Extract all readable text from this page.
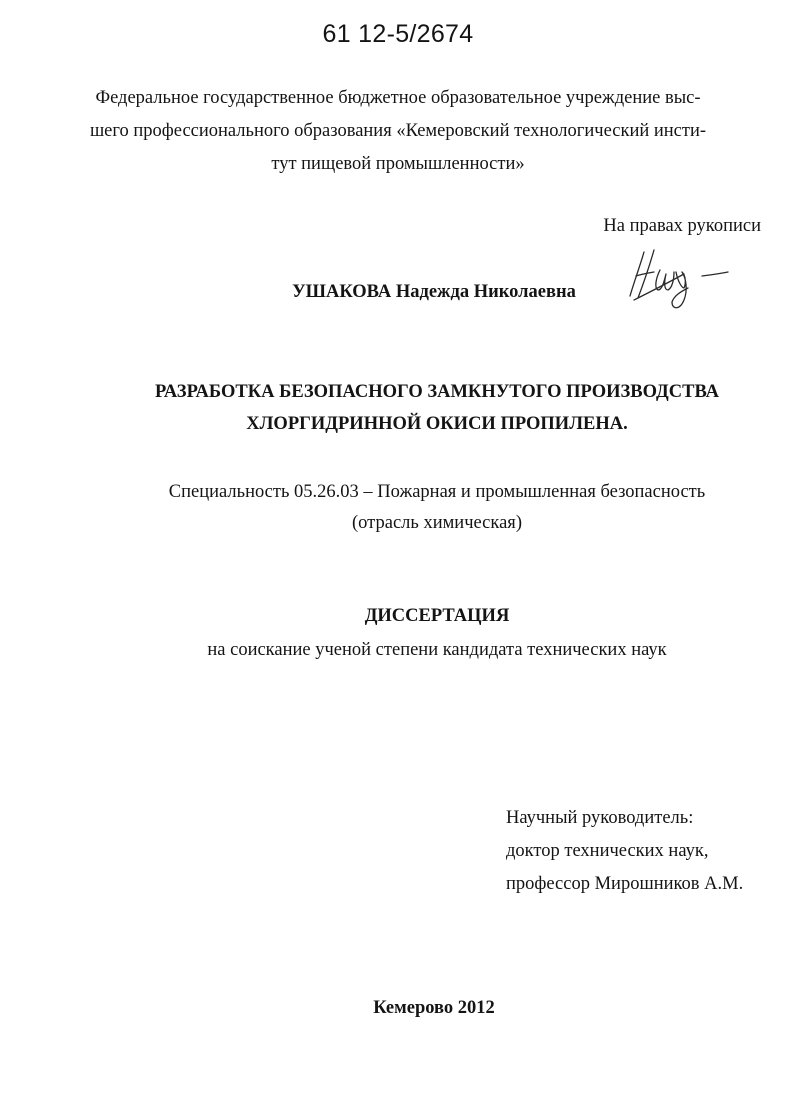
61 12-5/2674
Федеральное государственное бюджетное образовательное учреждение выс-
шего профессионального образования «Кемеровский технологический инсти-
тут пищевой промышленности»
На правах рукописи
УШАКОВА Надежда Николаевна
РАЗРАБОТКА БЕЗОПАСНОГО ЗАМКНУТОГО ПРОИЗВОДСТВА
ХЛОРГИДРИННОЙ ОКИСИ ПРОПИЛЕНА.
Специальность 05.26.03 – Пожарная и промышленная безопасность
(отрасль химическая)
ДИССЕРТАЦИЯ
на соискание ученой степени кандидата технических наук
Научный руководитель:
доктор технических наук,
профессор Мирошников А.М.
Кемерово 2012
